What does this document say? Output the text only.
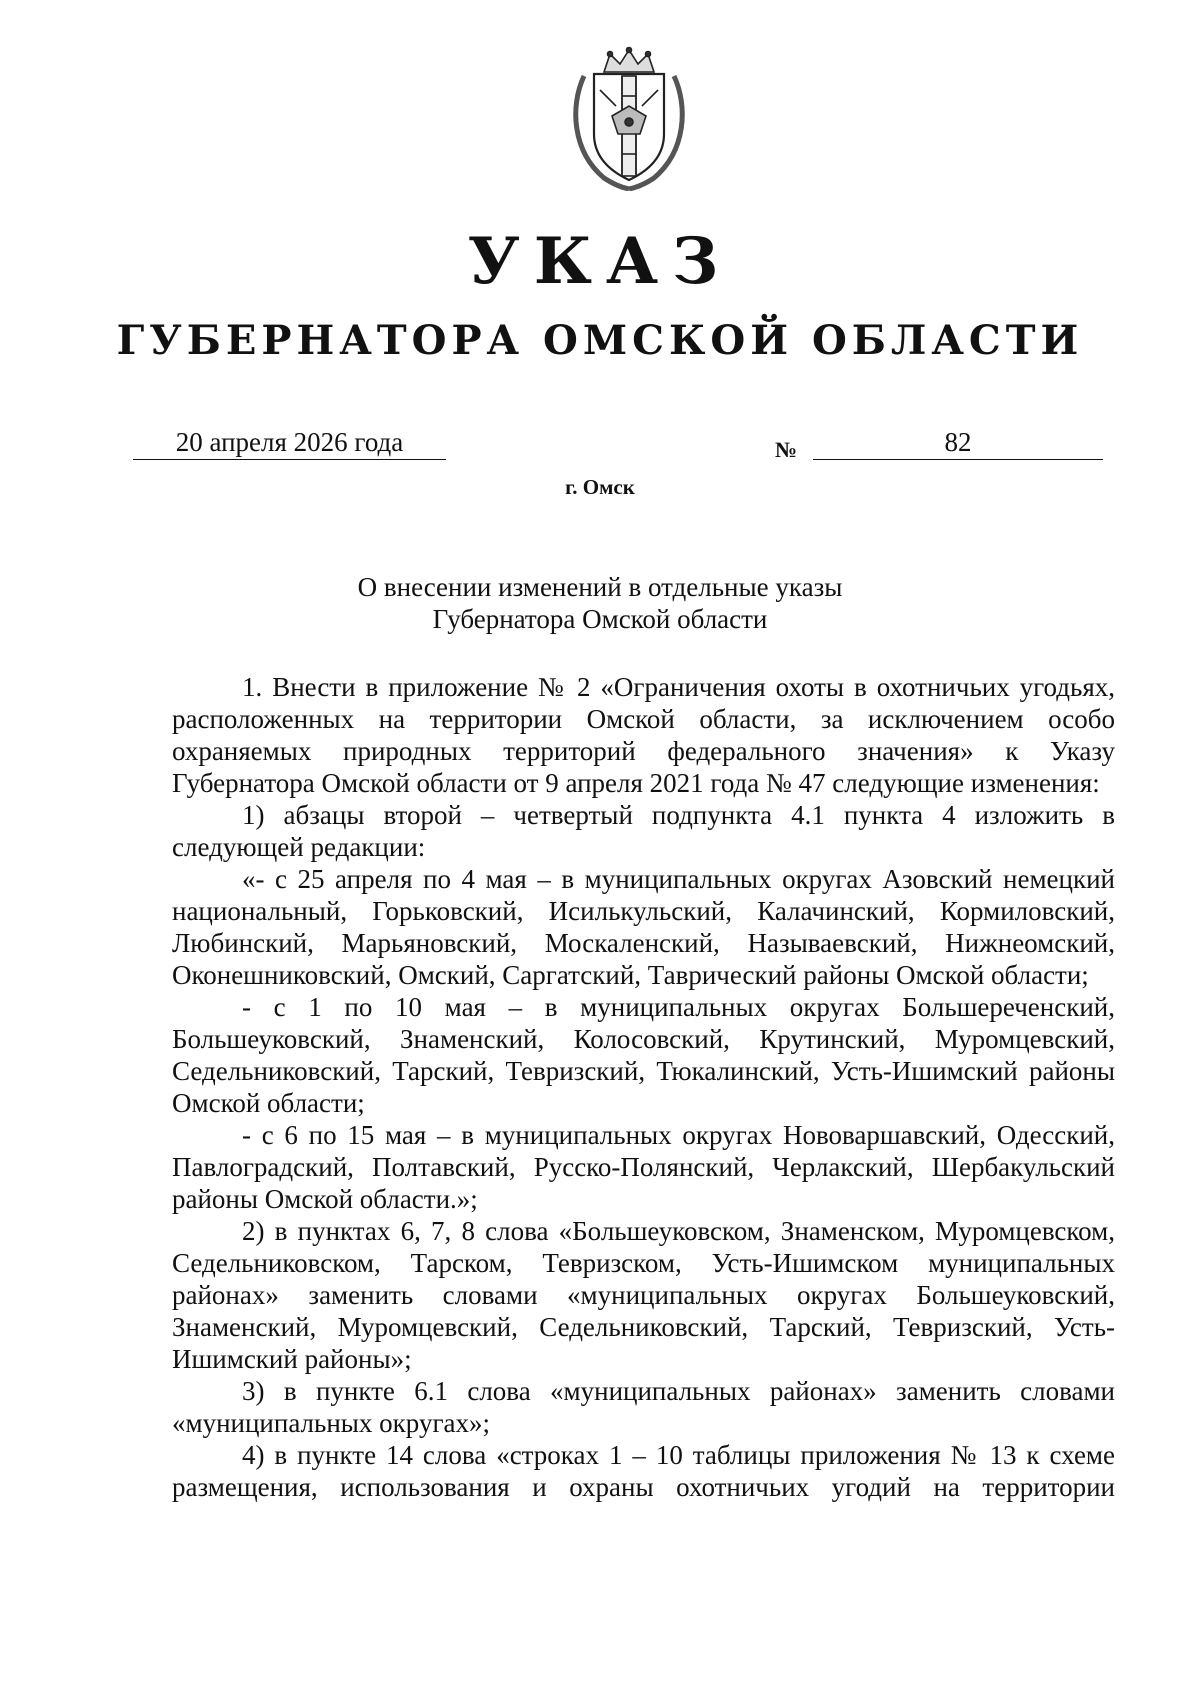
УКАЗ
ГУБЕРНАТОРА ОМСКОЙ ОБЛАСТИ
20 апреля 2026 года	№	82
г. Омск
О внесении изменений в отдельные указы
Губернатора Омской области

1. Внести в приложение № 2 «Ограничения охоты в охотничьих угодьях, расположенных на территории Омской области, за исключением особо охраняемых природных территорий федерального значения» к Указу Губернатора Омской области от 9 апреля 2021 года № 47 следующие изменения:

1) абзацы второй – четвертый подпункта 4.1 пункта 4 изложить в следующей редакции:

«- с 25 апреля по 4 мая – в муниципальных округах Азовский немецкий национальный, Горьковский, Исилькульский, Калачинский, Кормиловский, Любинский, Марьяновский, Москаленский, Называевский, Нижнеомский, Оконешниковский, Омский, Саргатский, Таврический районы Омской области;

- с 1 по 10 мая – в муниципальных округах Большереченский, Большеуковский, Знаменский, Колосовский, Крутинский, Муромцевский, Седельниковский, Тарский, Тевризский, Тюкалинский, Усть-Ишимский районы Омской области;

- с 6 по 15 мая – в муниципальных округах Нововаршавский, Одесский, Павлоградский, Полтавский, Русско-Полянский, Черлакский, Шербакульский районы Омской области.»;

2) в пунктах 6, 7, 8 слова «Большеуковском, Знаменском, Муромцевском, Седельниковском, Тарском, Тевризском, Усть-Ишимском муниципальных районах» заменить словами «муниципальных округах Большеуковский, Знаменский, Муромцевский, Седельниковский, Тарский, Тевризский, Усть-Ишимский районы»;

3) в пункте 6.1 слова «муниципальных районах» заменить словами «муниципальных округах»;

4) в пункте 14 слова «строках 1 – 10 таблицы приложения № 13 к схеме размещения, использования и охраны охотничьих угодий на территории
